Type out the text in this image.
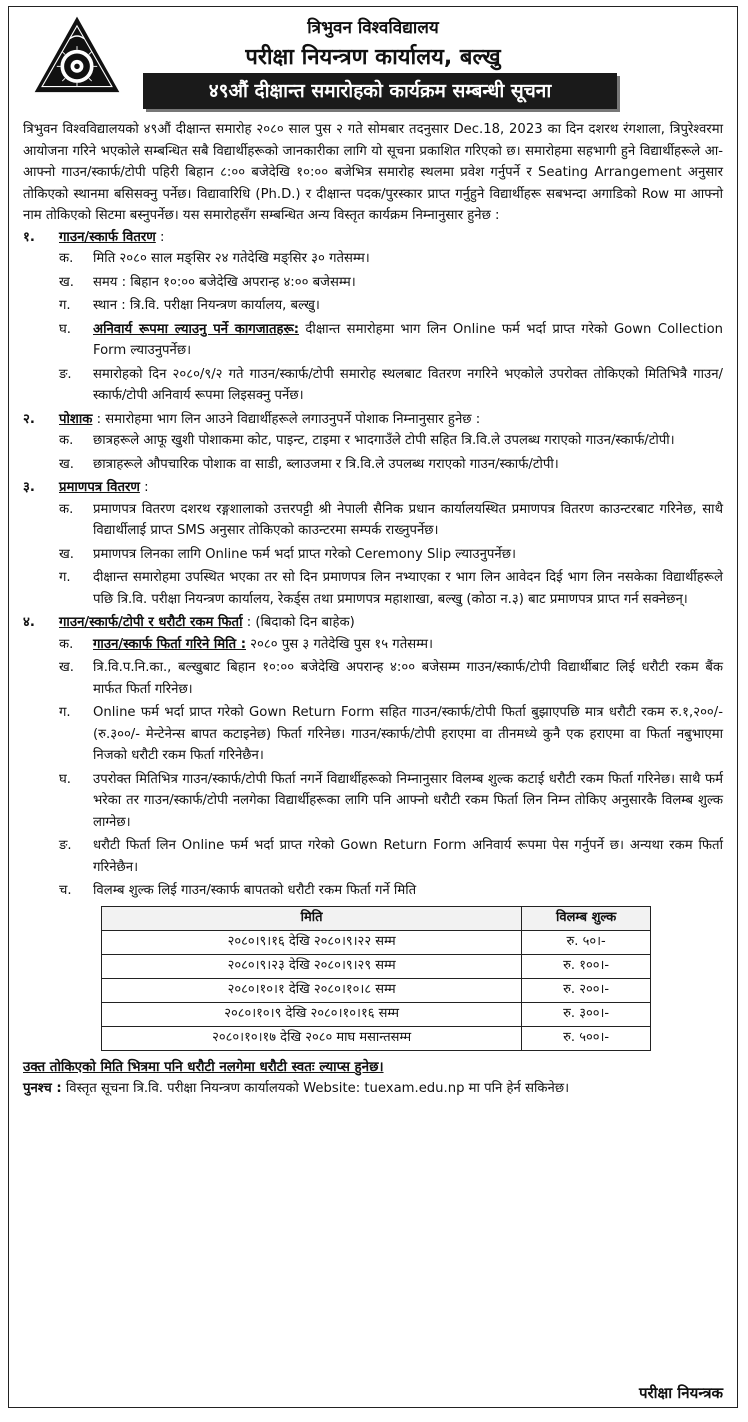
त्रिभुवन विश्वविद्यालय
परीक्षा नियन्त्रण कार्यालय, बल्खु
४९औं दीक्षान्त समारोहको कार्यक्रम सम्बन्धी सूचना
त्रिभुवन विश्वविद्यालयको ४९औं दीक्षान्त समारोह २०८० साल पुस २ गते सोमबार तदनुसार Dec.18, 2023 का दिन दशरथ रंगशाला, त्रिपुरेश्वरमा आयोजना गरिने भएकोले सम्बन्धित सबै विद्यार्थीहरूको जानकारीका लागि यो सूचना प्रकाशित गरिएको छ। समारोहमा सहभागी हुने विद्यार्थीहरूले आ-आफ्नो गाउन/स्कार्फ/टोपी पहिरी बिहान ८:०० बजेदेखि १०:०० बजेभित्र समारोह स्थलमा प्रवेश गर्नुपर्ने र Seating Arrangement अनुसार तोकिएको स्थानमा बसिसक्नु पर्नेछ। विद्यावारिधि (Ph.D.) र दीक्षान्त पदक/पुरस्कार प्राप्त गर्नुहुने विद्यार्थीहरू सबभन्दा अगाडिको Row मा आफ्नो नाम तोकिएको सिटमा बस्नुपर्नेछ। यस समारोहसँग सम्बन्धित अन्य विस्तृत कार्यक्रम निम्नानुसार हुनेछ :
१.	गाउन/स्कार्फ वितरण
:
क.	मिति २०८० साल मङ्सिर २४ गतेदेखि मङ्सिर ३० गतेसम्म।
ख.	समय : बिहान १०:०० बजेदेखि अपरान्ह ४:०० बजेसम्म।
ग.	स्थान : त्रि.वि. परीक्षा नियन्त्रण कार्यालय, बल्खु।
घ.	अनिवार्य रूपमा ल्याउनु पर्ने कागजातहरू: दीक्षान्त समारोहमा भाग लिन Online फर्म भर्दा प्राप्त गरेको Gown Collection Form ल्याउनुपर्नेछ।
ङ.	समारोहको दिन २०८०/९/२ गते गाउन/स्कार्फ/टोपी समारोह स्थलबाट वितरण नगरिने भएकोले उपरोक्त तोकिएको मितिभित्रै गाउन/स्कार्फ/टोपी अनिवार्य रूपमा लिइसक्नु पर्नेछ।
२.	पोशाक : समारोहमा भाग लिन आउने विद्यार्थीहरूले लगाउनुपर्ने पोशाक निम्नानुसार हुनेछ :
क.	छात्रहरूले आफू खुशी पोशाकमा कोट, पाइन्ट, टाइमा र भादगाउँले टोपी सहित त्रि.वि.ले उपलब्ध गराएको गाउन/स्कार्फ/टोपी।
ख.	छात्राहरूले औपचारिक पोशाक वा साडी, ब्लाउजमा र त्रि.वि.ले उपलब्ध गराएको गाउन/स्कार्फ/टोपी।
३.	प्रमाणपत्र वितरण
:
क.	प्रमाणपत्र वितरण दशरथ रङ्गशालाको उत्तरपट्टी श्री नेपाली सैनिक प्रधान कार्यालयस्थित प्रमाणपत्र वितरण काउन्टरबाट गरिनेछ, साथै विद्यार्थीलाई प्राप्त SMS अनुसार तोकिएको काउन्टरमा सम्पर्क राख्नुपर्नेछ।
ख.	प्रमाणपत्र लिनका लागि Online फर्म भर्दा प्राप्त गरेको Ceremony Slip ल्याउनुपर्नेछ।
ग.	दीक्षान्त समारोहमा उपस्थित भएका तर सो दिन प्रमाणपत्र लिन नभ्याएका र भाग लिन आवेदन दिई भाग लिन नसकेका विद्यार्थीहरूले पछि त्रि.वि. परीक्षा नियन्त्रण कार्यालय, रेकर्ड्स तथा प्रमाणपत्र महाशाखा, बल्खु (कोठा न.३) बाट प्रमाणपत्र प्राप्त गर्न सक्नेछन्।
४.	गाउन/स्कार्फ/टोपी र धरौटी रकम फिर्ता : (बिदाको दिन बाहेक)
क.	गाउन/स्कार्फ फिर्ता गरिने मिति : २०८० पुस ३ गतेदेखि पुस १५ गतेसम्म।
ख.	त्रि.वि.प.नि.का., बल्खुबाट बिहान १०:०० बजेदेखि अपरान्ह ४:०० बजेसम्म गाउन/स्कार्फ/टोपी विद्यार्थीबाट लिई धरौटी रकम बैंक मार्फत फिर्ता गरिनेछ।
ग.	Online फर्म भर्दा प्राप्त गरेको Gown Return Form सहित गाउन/स्कार्फ/टोपी फिर्ता बुझाएपछि मात्र धरौटी रकम रु.१,२००/- (रु.३००/- मेन्टेनेन्स बापत कटाइनेछ) फिर्ता गरिनेछ। गाउन/स्कार्फ/टोपी हराएमा वा तीनमध्ये कुनै एक हराएमा वा फिर्ता नबुभाएमा निजको धरौटी रकम फिर्ता गरिनेछैन।
घ.	उपरोक्त मितिभित्र गाउन/स्कार्फ/टोपी फिर्ता नगर्ने विद्यार्थीहरूको निम्नानुसार विलम्ब शुल्क कटाई धरौटी रकम फिर्ता गरिनेछ। साथै फर्म भरेका तर गाउन/स्कार्फ/टोपी नलगेका विद्यार्थीहरूका लागि पनि आफ्नो धरौटी रकम फिर्ता लिन निम्न तोकिए अनुसारकै विलम्ब शुल्क लाग्नेछ।
ङ.	धरौटी फिर्ता लिन Online फर्म भर्दा प्राप्त गरेको Gown Return Form अनिवार्य रूपमा पेस गर्नुपर्ने छ। अन्यथा रकम फिर्ता गरिनेछैन।
च.	विलम्ब शुल्क लिई गाउन/स्कार्फ बापतको धरौटी रकम फिर्ता गर्ने मिति
मिति	विलम्ब शुल्क
२०८०।९।१६ देखि २०८०।९।२२ सम्म	रु. ५०।-
२०८०।९।२३ देखि २०८०।९।२९ सम्म	रु. १००।-
२०८०।१०।१ देखि २०८०।१०।८ सम्म	रु. २००।-
२०८०।१०।९ देखि २०८०।१०।१६ सम्म	रु. ३००।-
२०८०।१०।१७ देखि २०८० माघ मसान्तसम्म	रु. ५००।-
उक्त तोकिएको मिति भित्रमा पनि धरौटी नलगेमा धरौटी स्वतः ल्याप्स हुनेछ।
पुनश्च : विस्तृत सूचना त्रि.वि. परीक्षा नियन्त्रण कार्यालयको Website: tuexam.edu.np मा पनि हेर्न सकिनेछ।
परीक्षा नियन्त्रक
